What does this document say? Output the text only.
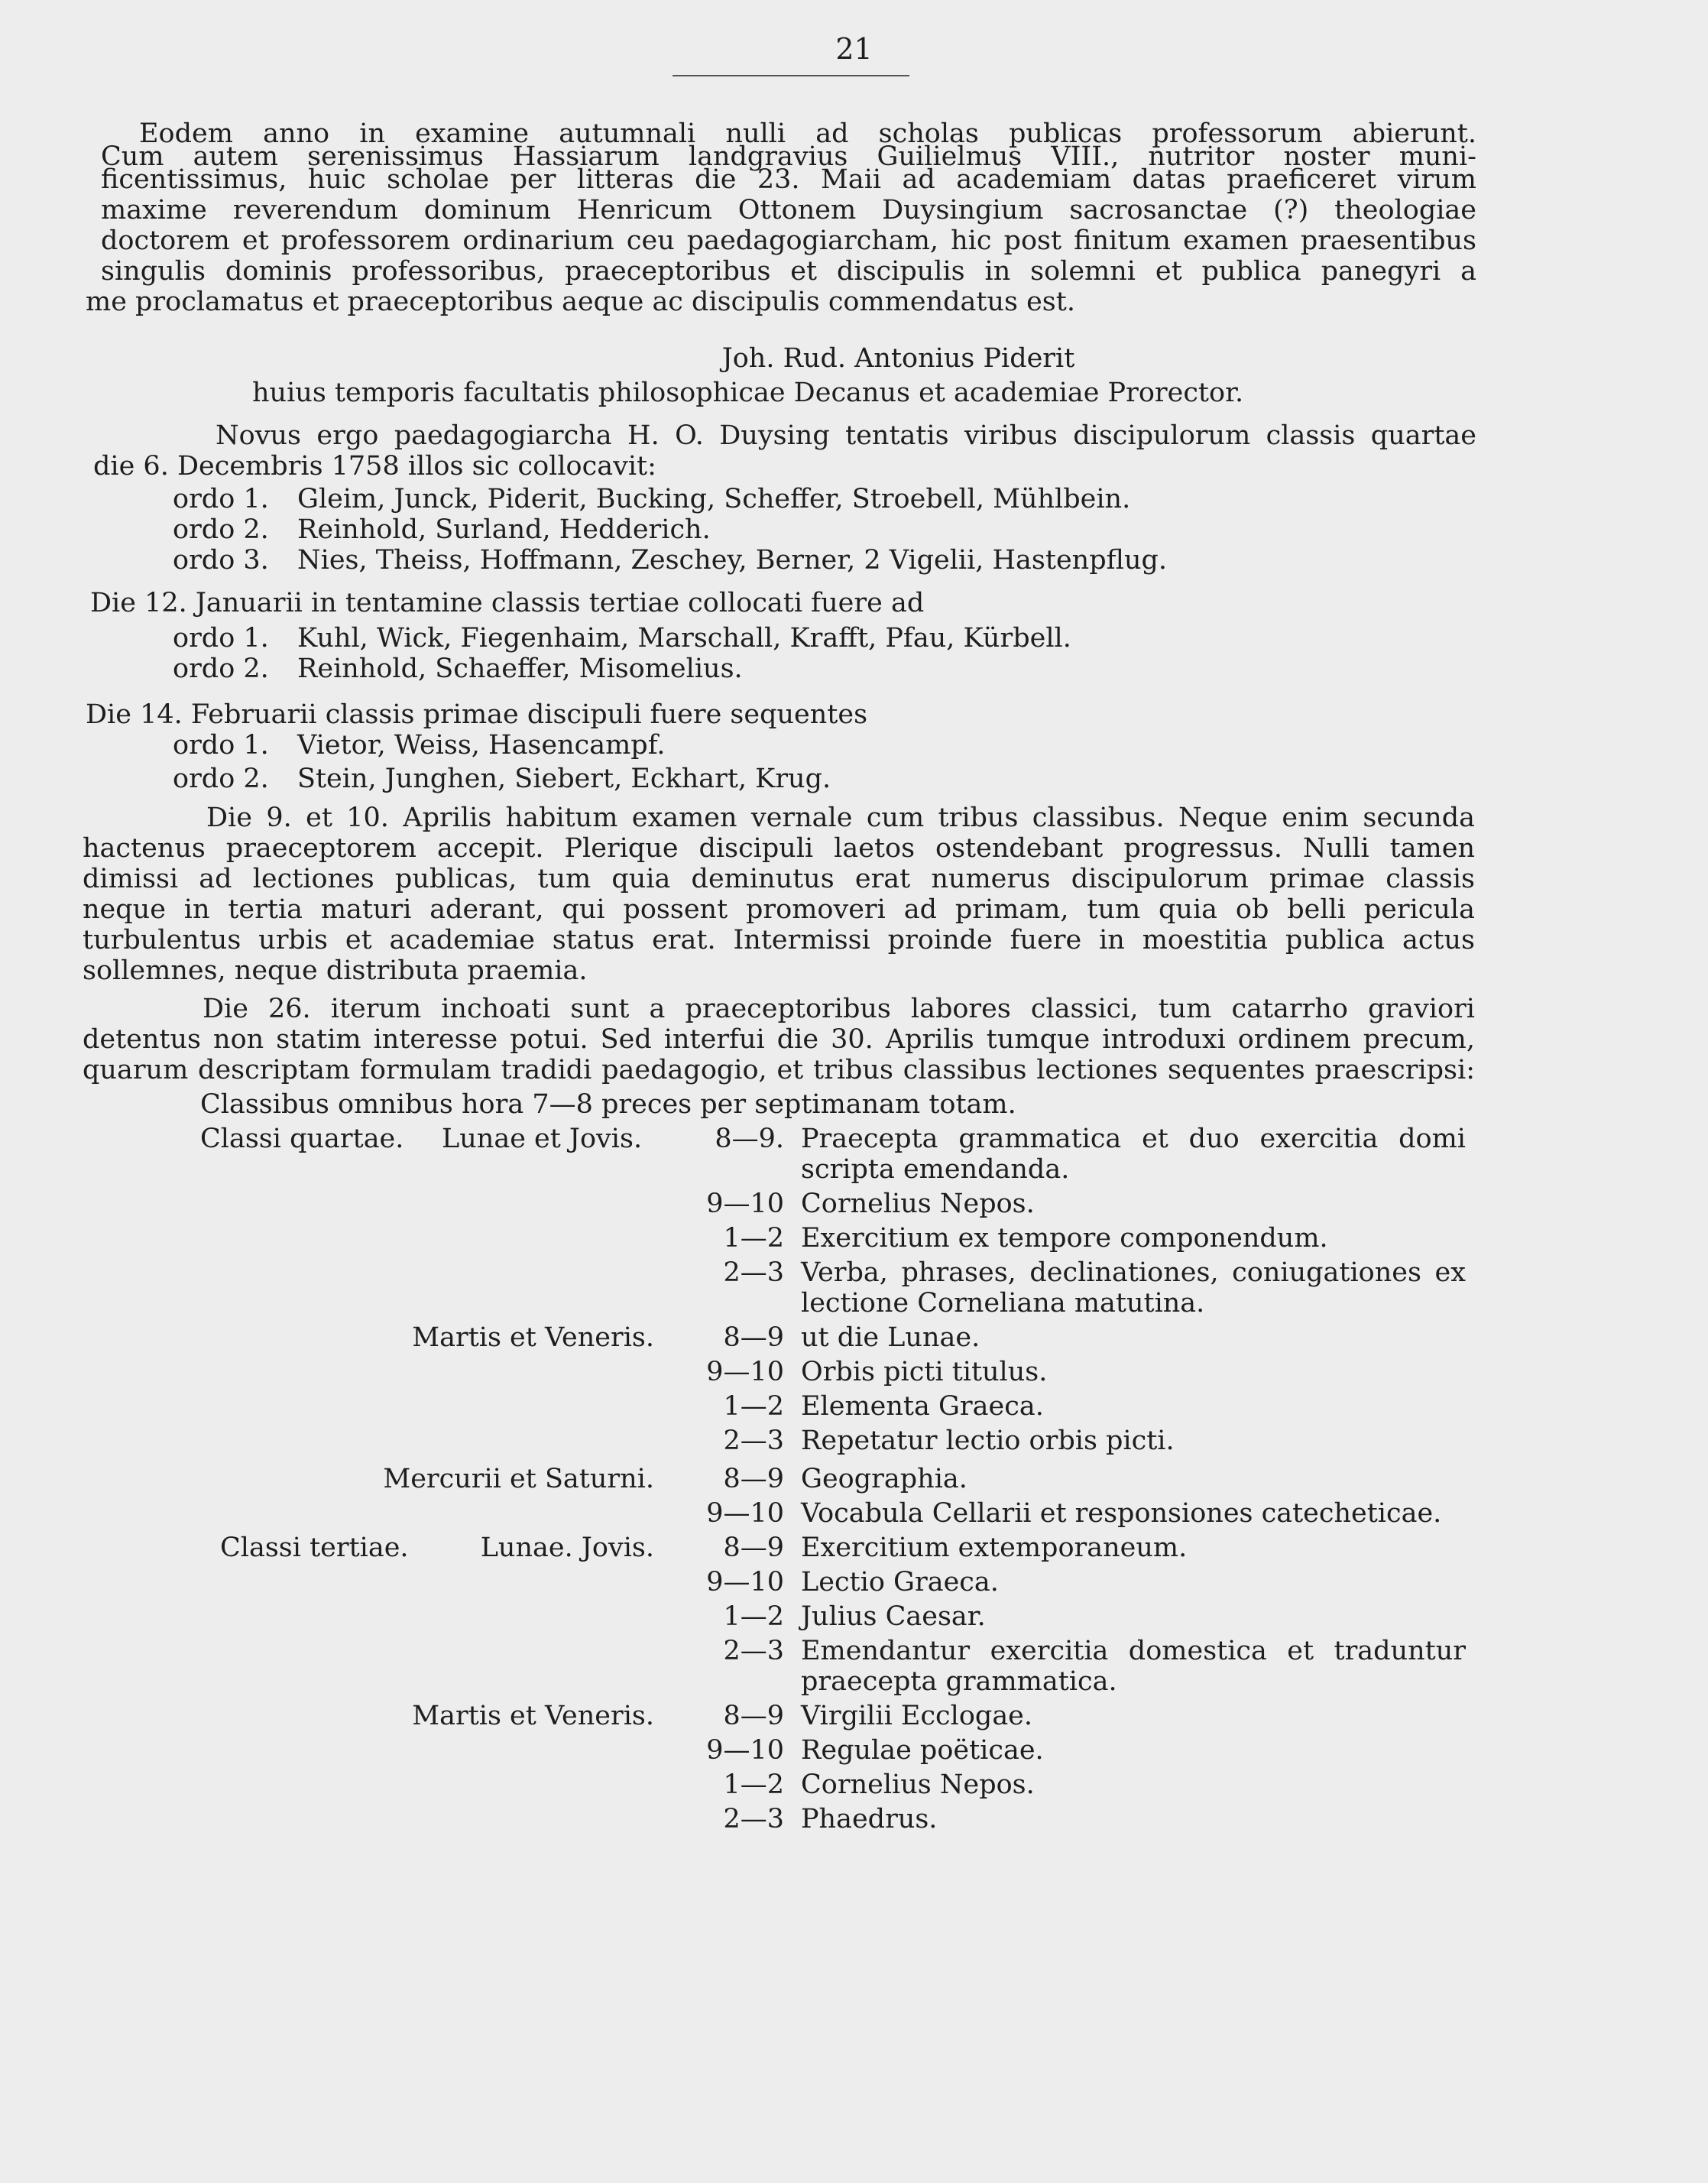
21
Eodem anno in examine autumnali nulli ad scholas publicas professorum abierunt.
Cum autem serenissimus Hassiarum landgravius Guilielmus VIII., nutritor noster muni-
ficentissimus, huic scholae per litteras die 23. Maii ad academiam datas praeficeret virum
maxime reverendum dominum Henricum Ottonem Duysingium sacrosanctae (?) theologiae
doctorem et professorem ordinarium ceu paedagogiarcham, hic post finitum examen praesentibus
singulis dominis professoribus, praeceptoribus et discipulis in solemni et publica panegyri a
me proclamatus et praeceptoribus aeque ac discipulis commendatus est.
Joh. Rud. Antonius Piderit
huius temporis facultatis philosophicae Decanus et academiae Prorector.
Novus ergo paedagogiarcha H. O. Duysing tentatis viribus discipulorum classis quartae
die 6. Decembris 1758 illos sic collocavit:
ordo 1. Gleim, Junck, Piderit, Bucking, Scheffer, Stroebell, Mühlbein.
ordo 2. Reinhold, Surland, Hedderich.
ordo 3. Nies, Theiss, Hoffmann, Zeschey, Berner, 2 Vigelii, Hastenpflug.
Die 12. Januarii in tentamine classis tertiae collocati fuere ad
ordo 1. Kuhl, Wick, Fiegenhaim, Marschall, Krafft, Pfau, Kürbell.
ordo 2. Reinhold, Schaeffer, Misomelius.
Die 14. Februarii classis primae discipuli fuere sequentes
ordo 1. Vietor, Weiss, Hasencampf.
ordo 2. Stein, Junghen, Siebert, Eckhart, Krug.
Die 9. et 10. Aprilis habitum examen vernale cum tribus classibus. Neque enim secunda
hactenus praeceptorem accepit. Plerique discipuli laetos ostendebant progressus. Nulli tamen
dimissi ad lectiones publicas, tum quia deminutus erat numerus discipulorum primae classis
neque in tertia maturi aderant, qui possent promoveri ad primam, tum quia ob belli pericula
turbulentus urbis et academiae status erat. Intermissi proinde fuere in moestitia publica actus
sollemnes, neque distributa praemia.
Die 26. iterum inchoati sunt a praeceptoribus labores classici, tum catarrho graviori
detentus non statim interesse potui. Sed interfui die 30. Aprilis tumque introduxi ordinem precum,
quarum descriptam formulam tradidi paedagogio, et tribus classibus lectiones sequentes praescripsi:
Classibus omnibus hora 7—8 preces per septimanam totam.
Classi quartae. Lunae et Jovis.	8—9. Praecepta grammatica et duo exercitia domi
scripta emendanda.
9—10 Cornelius Nepos.
1—2 Exercitium ex tempore componendum.
2—3 Verba, phrases, declinationes, coniugationes ex
lectione Corneliana matutina.
Martis et Veneris.	8—9 ut die Lunae.
9—10 Orbis picti titulus.
1—2 Elementa Graeca.
2—3 Repetatur lectio orbis picti.
Mercurii et Saturni.	8—9 Geographia.
9—10 Vocabula Cellarii et responsiones catecheticae.
Classi tertiae.	Lunae. Jovis.	8—9 Exercitium extemporaneum.
9—10 Lectio Graeca.
1—2 Julius Caesar.
2—3 Emendantur exercitia domestica et traduntur
praecepta grammatica.
Martis et Veneris.	8—9 Virgilii Ecclogae.
9—10 Regulae poëticae.
1—2 Cornelius Nepos.
2—3 Phaedrus.
